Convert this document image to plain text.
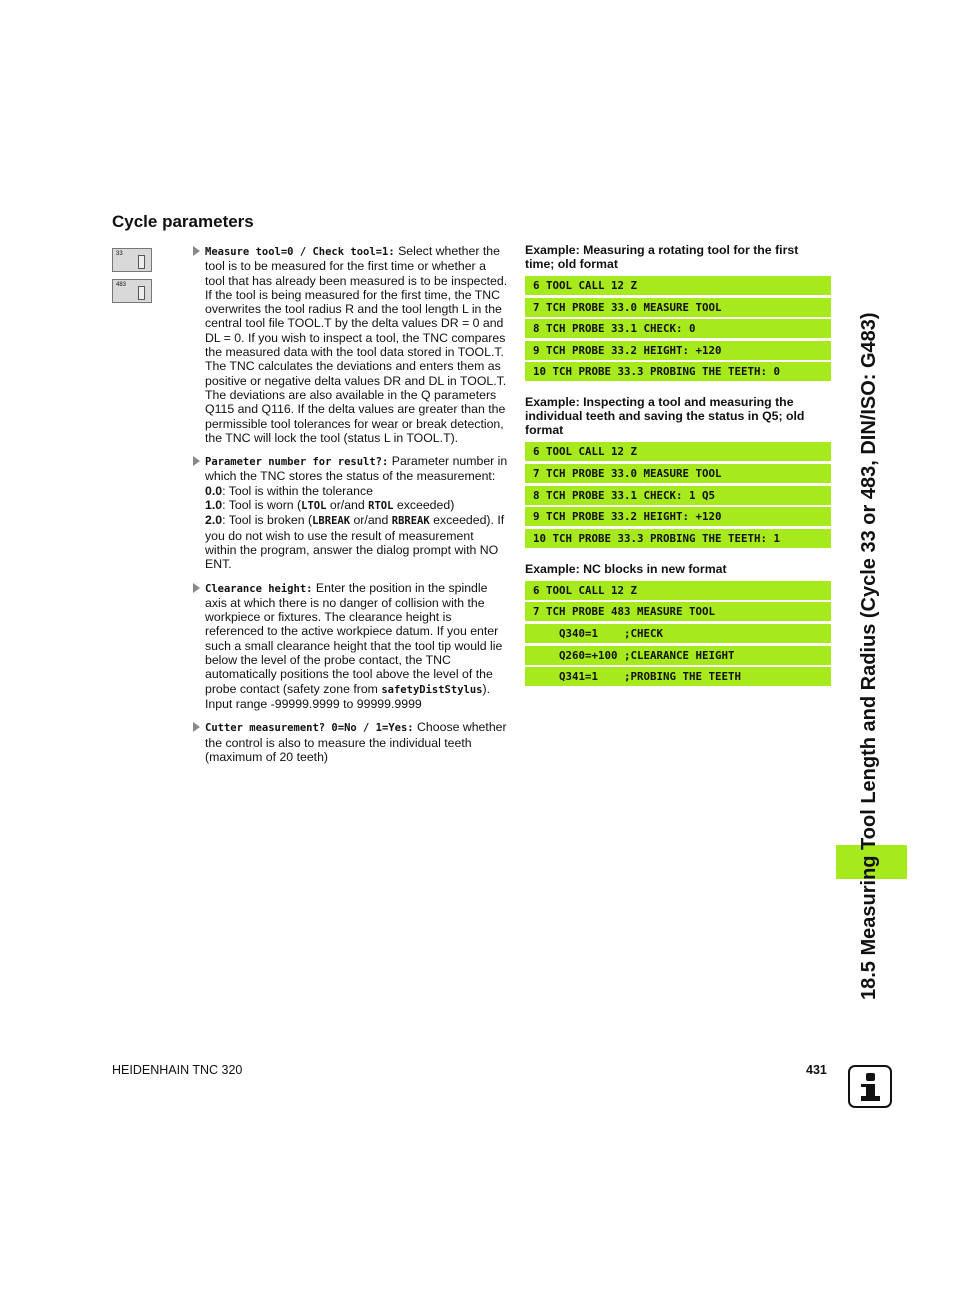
Cycle parameters
33
483
Measure tool=0 / Check tool=1: Select whether the tool is to be measured for the first time or whether a tool that has already been measured is to be inspected. If the tool is being measured for the first time, the TNC overwrites the tool radius R and the tool length L in the central tool file TOOL.T by the delta values DR = 0 and DL = 0. If you wish to inspect a tool, the TNC compares the measured data with the tool data stored in TOOL.T. The TNC calculates the deviations and enters them as positive or negative delta values DR and DL in TOOL.T. The deviations are also available in the Q parameters Q115 and Q116. If the delta values are greater than the permissible tool tolerances for wear or break detection, the TNC will lock the tool (status L in TOOL.T).
Parameter number for result?: Parameter number in which the TNC stores the status of the measurement:
0.0: Tool is within the tolerance
1.0: Tool is worn (LTOL or/and RTOL exceeded)
2.0: Tool is broken (LBREAK or/and RBREAK exceeded). If you do not wish to use the result of measurement within the program, answer the dialog prompt with NO ENT.
Clearance height: Enter the position in the spindle axis at which there is no danger of collision with the workpiece or fixtures. The clearance height is referenced to the active workpiece datum. If you enter such a small clearance height that the tool tip would lie below the level of the probe contact, the TNC automatically positions the tool above the level of the probe contact (safety zone from safetyDistStylus). Input range -99999.9999 to 99999.9999
Cutter measurement? 0=No / 1=Yes: Choose whether the control is also to measure the individual teeth (maximum of 20 teeth)
Example: Measuring a rotating tool for the first time; old format
6 TOOL CALL 12 Z
7 TCH PROBE 33.0 MEASURE TOOL
8 TCH PROBE 33.1 CHECK: 0
9 TCH PROBE 33.2 HEIGHT: +120
10 TCH PROBE 33.3 PROBING THE TEETH: 0
Example: Inspecting a tool and measuring the individual teeth and saving the status in Q5; old format
6 TOOL CALL 12 Z
7 TCH PROBE 33.0 MEASURE TOOL
8 TCH PROBE 33.1 CHECK: 1 Q5
9 TCH PROBE 33.2 HEIGHT: +120
10 TCH PROBE 33.3 PROBING THE TEETH: 1
Example: NC blocks in new format
6 TOOL CALL 12 Z
7 TCH PROBE 483 MEASURE TOOL
Q340=1    ;CHECK
Q260=+100 ;CLEARANCE HEIGHT
Q341=1    ;PROBING THE TEETH	18.5 Measuring Tool Length and Radius (Cycle 33 or 483, DIN/ISO: G483)
HEIDENHAIN TNC 320	431
